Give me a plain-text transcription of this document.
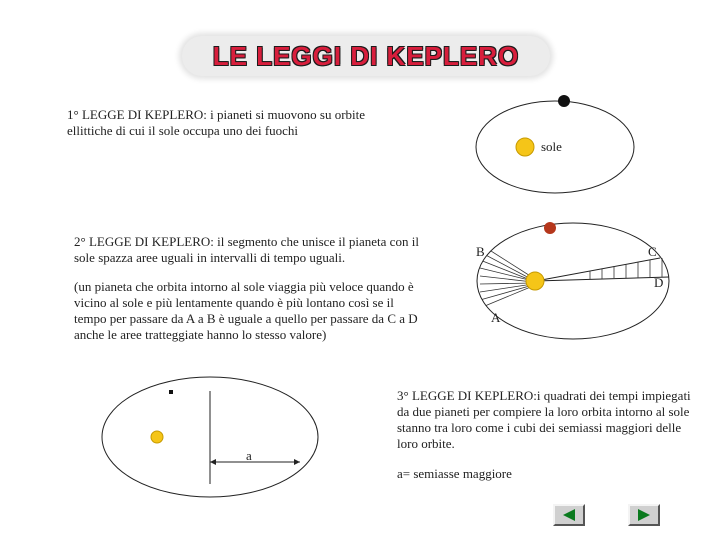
LE LEGGI DI KEPLERO
1° LEGGE DI KEPLERO: i pianeti si muovono su orbite ellittiche di cui il sole occupa uno dei fuochi
2° LEGGE DI KEPLERO: il segmento che unisce il pianeta con il sole spazza aree uguali in intervalli di tempo uguali.
(un pianeta che orbita intorno al sole viaggia più veloce quando è vicino al sole e più lentamente quando è più lontano così se il tempo per passare da A a B è uguale a quello per passare da C a D anche le aree tratteggiate hanno lo stesso valore)
3° LEGGE DI KEPLERO:i quadrati dei tempi impiegati da due pianeti per compiere la loro orbita intorno al sole stanno tra loro come i cubi dei semiassi maggiori delle loro orbite.
a= semiasse maggiore
sole
B	C
D
A
a
